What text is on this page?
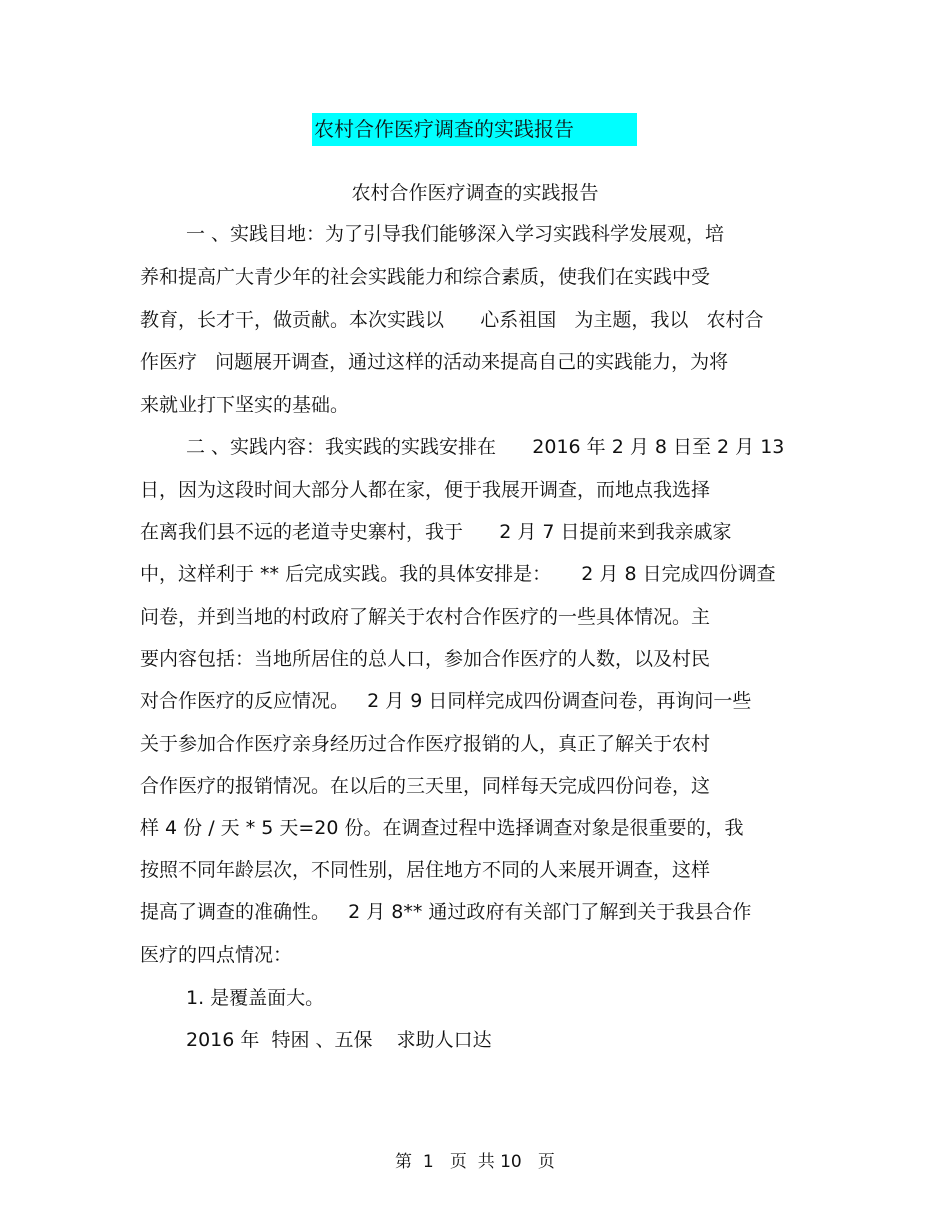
农村合作医疗调查的实践报告
农村合作医疗调查的实践报告
一 、实践目地：为了引导我们能够深入学习实践科学发展观，培
养和提高广大青少年的社会实践能力和综合素质，使我们在实践中受
教育，长才干，做贡献。本次实践以      心系祖国   为主题，我以   农村合
作医疗   问题展开调查，通过这样的活动来提高自己的实践能力，为将
来就业打下坚实的基础。
二 、实践内容：我实践的实践安排在      2016 年 2 月 8 日至 2 月 13
日，因为这段时间大部分人都在家，便于我展开调查，而地点我选择
在离我们县不远的老道寺史寨村，我于      2 月 7 日提前来到我亲戚家
中，这样利于 ** 后完成实践。我的具体安排是：     2 月 8 日完成四份调查
问卷，并到当地的村政府了解关于农村合作医疗的一些具体情况。主
要内容包括：当地所居住的总人口，参加合作医疗的人数，以及村民
对合作医疗的反应情况。   2 月 9 日同样完成四份调查问卷，再询问一些
关于参加合作医疗亲身经历过合作医疗报销的人，真正了解关于农村
合作医疗的报销情况。在以后的三天里，同样每天完成四份问卷，这
样 4 份 / 天 * 5 天=20 份。在调查过程中选择调查对象是很重要的，我
按照不同年龄层次，不同性别，居住地方不同的人来展开调查，这样
提高了调查的准确性。   2 月 8** 通过政府有关部门了解到关于我县合作
医疗的四点情况：
1. 是覆盖面大。
2016 年  特困 、五保    求助人口达
第  1   页  共 10   页
